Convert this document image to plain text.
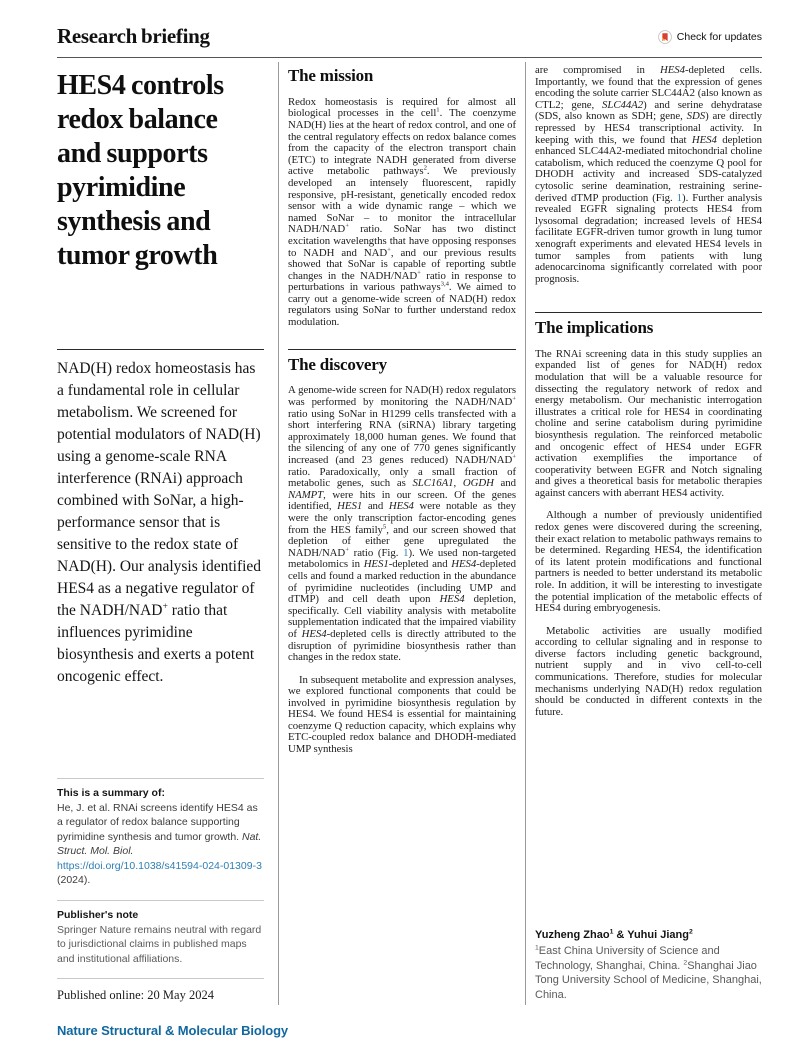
Research briefing	Check for updates
HES4 controls redox balance and supports pyrimidine synthesis and tumor growth

NAD(H) redox homeostasis has a fundamental role in cellular metabolism. We screened for potential modulators of NAD(H) using a genome-scale RNA interference (RNAi) approach combined with SoNar, a high-performance sensor that is sensitive to the redox state of NAD(H). Our analysis identified HES4 as a negative regulator of the NADH/NAD+ ratio that influences pyrimidine biosynthesis and exerts a potent oncogenic effect.

This is a summary of:
He, J. et al. RNAi screens identify HES4 as a regulator of redox balance supporting pyrimidine synthesis and tumor growth. Nat. Struct. Mol. Biol. https://doi.org/10.1038/s41594-024-01309-3 (2024).
Publisher's note
Springer Nature remains neutral with regard to jurisdictional claims in published maps and institutional affiliations.
Published online: 20 May 2024
The mission

Redox homeostasis is required for almost all biological processes in the cell$^1$. The coenzyme NAD(H) lies at the heart of redox control, and one of the central regulatory effects on redox balance comes from the capacity of the electron transport chain (ETC) to integrate NADH generated from diverse active metabolic pathways$^2$. We previously developed an intensely fluorescent, rapidly responsive, pH-resistant, genetically encoded redox sensor with a wide dynamic range – which we named SoNar – to monitor the intracellular NADH/NAD+ ratio. SoNar has two distinct excitation wavelengths that have opposing responses to NADH and NAD+, and our previous results showed that SoNar is capable of reporting subtle changes in the NADH/NAD+ ratio in response to perturbations in various pathways$^{3,4}$. We aimed to carry out a genome-wide screen of NAD(H) redox regulators using SoNar to further understand redox modulation.

The discovery

A genome-wide screen for NAD(H) redox regulators was performed by monitoring the NADH/NAD+ ratio using SoNar in H1299 cells transfected with a short interfering RNA (siRNA) library targeting approximately 18,000 human genes. We found that the silencing of any one of 770 genes significantly increased (and 23 genes reduced) NADH/NAD+ ratio. Paradoxically, only a small fraction of metabolic genes, such as SLC16A1, OGDH and NAMPT, were hits in our screen. Of the genes identified, HES1 and HES4 were notable as they were the only transcription factor-encoding genes from the HES family$^5$, and our screen showed that depletion of either gene upregulated the NADH/NAD+ ratio (Fig. 1). We used non-targeted metabolomics in HES1-depleted and HES4-depleted cells and found a marked reduction in the abundance of pyrimidine nucleotides (including UMP and dTMP) and cell death upon HES4 depletion, specifically. Cell viability analysis with metabolite supplementation indicated that the impaired viability of HES4-depleted cells is directly attributed to the disruption of pyrimidine biosynthesis rather than changes in the redox state.

In subsequent metabolite and expression analyses, we explored functional components that could be involved in pyrimidine biosynthesis regulation by HES4. We found HES4 is essential for maintaining coenzyme Q reduction capacity, which explains why ETC-coupled redox balance and DHODH-mediated UMP synthesis

are compromised in HES4-depleted cells. Importantly, we found that the expression of genes encoding the solute carrier SLC44A2 (also known as CTL2; gene, SLC44A2) and serine dehydratase (SDS, also known as SDH; gene, SDS) are directly repressed by HES4 transcriptional activity. In keeping with this, we found that HES4 depletion enhanced SLC44A2-mediated mitochondrial choline catabolism, which reduced the coenzyme Q pool for DHODH activity and increased SDS-catalyzed cytosolic serine deamination, restraining serine-derived dTMP production (Fig. 1). Further analysis revealed EGFR signaling protects HES4 from lysosomal degradation; increased levels of HES4 facilitate EGFR-driven tumor growth in lung tumor xenograft experiments and elevated HES4 levels in tumor samples from patients with lung adenocarcinoma significantly correlated with poor prognosis.

The implications

The RNAi screening data in this study supplies an expanded list of genes for NAD(H) redox modulation that will be a valuable resource for dissecting the regulatory network of redox and energy metabolism. Our mechanistic interrogation illustrates a critical role for HES4 in coordinating choline and serine catabolism during pyrimidine biosynthesis regulation. The reinforced metabolic and oncogenic effect of HES4 under EGFR activation exemplifies the importance of cooperativity between EGFR and Notch signaling and gives a theoretical basis for metabolic therapies against cancers with aberrant HES4 activity.

Although a number of previously unidentified redox genes were discovered during the screening, their exact relation to metabolic pathways remains to be determined. Regarding HES4, the identification of its latent protein modifications and functional partners is needed to better understand its metabolic role. In addition, it will be interesting to investigate the potential implication of the metabolic effects of HES4 during embryogenesis.

Metabolic activities are usually modified according to cellular signaling and in response to diverse factors including genetic background, nutrient supply and in vivo cell-to-cell communications. Therefore, studies for molecular mechanisms underlying NAD(H) redox regulation should be conducted in different contexts in the future.

Yuzheng Zhao$^1$ & Yuhui Jiang$^2$
$^1$East China University of Science and Technology, Shanghai, China. $^2$Shanghai Jiao Tong University School of Medicine, Shanghai, China.
Nature Structural & Molecular Biology
